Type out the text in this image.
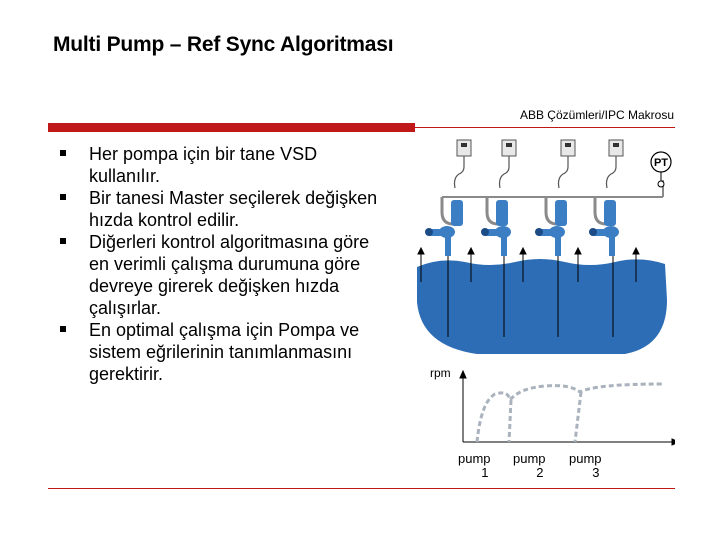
Multi Pump – Ref Sync Algoritması
ABB Çözümleri/IPC Makrosu
Her pompa için bir tane VSD kullanılır.
Bir tanesi Master seçilerek değişken hızda kontrol edilir.
Diğerleri kontrol algoritmasına göre en verimli çalışma durumuna göre devreye girerek değişken hızda çalışırlar.
En optimal çalışma için Pompa ve sistem eğrilerinin tanımlanmasını gerektirir.
PT
rpm
pump
1
pump
2
pump
3
